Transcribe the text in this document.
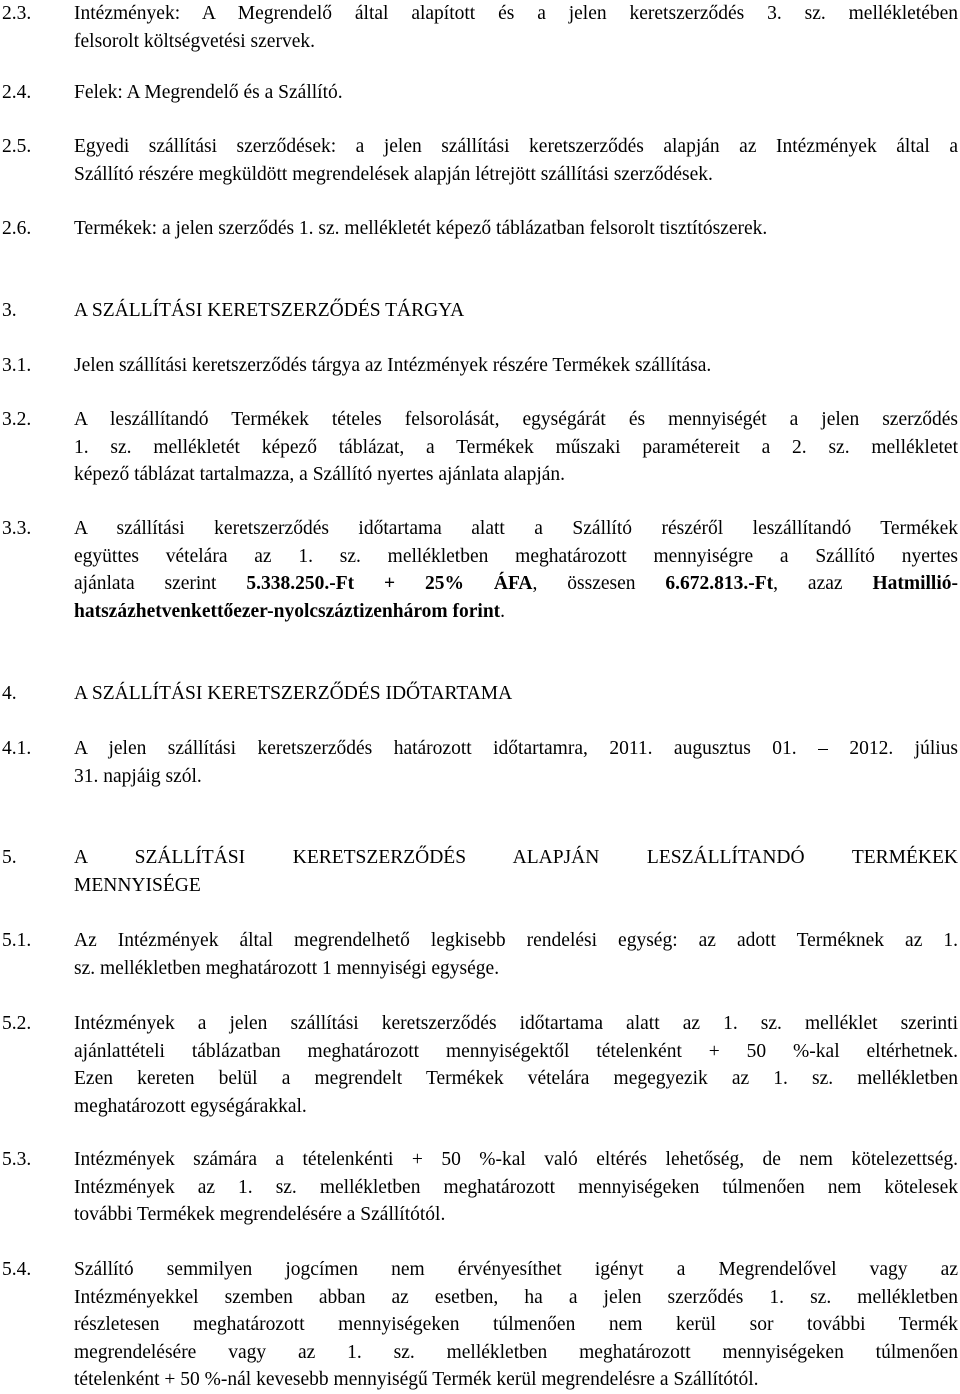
2.3. Intézmények: A Megrendelő által alapított és a jelen keretszerződés 3. sz. mellékletében
felsorolt költségvetési szervek.
2.4. Felek: A Megrendelő és a Szállító.
2.5. Egyedi szállítási szerződések: a jelen szállítási keretszerződés alapján az Intézmények által a
Szállító részére megküldött megrendelések alapján létrejött szállítási szerződések.
2.6. Termékek: a jelen szerződés 1. sz. mellékletét képező táblázatban felsorolt tisztítószerek.
3.	A SZÁLLÍTÁSI KERETSZERZŐDÉS TÁRGYA
3.1. Jelen szállítási keretszerződés tárgya az Intézmények részére Termékek szállítása.
3.2. A leszállítandó Termékek tételes felsorolását, egységárát és mennyiségét a jelen szerződés
1. sz. mellékletét képező táblázat, a Termékek műszaki paramétereit a 2. sz. mellékletet
képező táblázat tartalmazza, a Szállító nyertes ajánlata alapján.
3.3. A szállítási keretszerződés időtartama alatt a Szállító részéről leszállítandó Termékek
együttes vételára az 1. sz. mellékletben meghatározott mennyiségre a Szállító nyertes
ajánlata szerint 5.338.250.-Ft + 25% ÁFA, összesen 6.672.813.-Ft, azaz Hatmillió-
hatszázhetvenkettőezer-nyolcszáztizenhárom forint.
4.	A SZÁLLÍTÁSI KERETSZERZŐDÉS IDŐTARTAMA
4.1. A jelen szállítási keretszerződés határozott időtartamra, 2011. augusztus 01. – 2012. július
31. napjáig szól.
5.	A SZÁLLÍTÁSI KERETSZERZŐDÉS ALAPJÁN LESZÁLLÍTANDÓ TERMÉKEK
MENNYISÉGE
5.1. Az Intézmények által megrendelhető legkisebb rendelési egység: az adott Terméknek az 1.
sz. mellékletben meghatározott 1 mennyiségi egysége.
5.2. Intézmények a jelen szállítási keretszerződés időtartama alatt az 1. sz. melléklet szerinti
ajánlattételi táblázatban meghatározott mennyiségektől tételenként + 50 %-kal eltérhetnek.
Ezen kereten belül a megrendelt Termékek vételára megegyezik az 1. sz. mellékletben
meghatározott egységárakkal.
5.3. Intézmények számára a tételenkénti + 50 %-kal való eltérés lehetőség, de nem kötelezettség.
Intézmények az 1. sz. mellékletben meghatározott mennyiségeken túlmenően nem kötelesek
további Termékek megrendelésére a Szállítótól.
5.4. Szállító semmilyen jogcímen nem érvényesíthet igényt a Megrendelővel vagy az
Intézményekkel szemben abban az esetben, ha a jelen szerződés 1. sz. mellékletben
részletesen meghatározott mennyiségeken túlmenően nem kerül sor további Termék
megrendelésére vagy az 1. sz. mellékletben meghatározott mennyiségeken túlmenően
tételenként + 50 %-nál kevesebb mennyiségű Termék kerül megrendelésre a Szállítótól.
